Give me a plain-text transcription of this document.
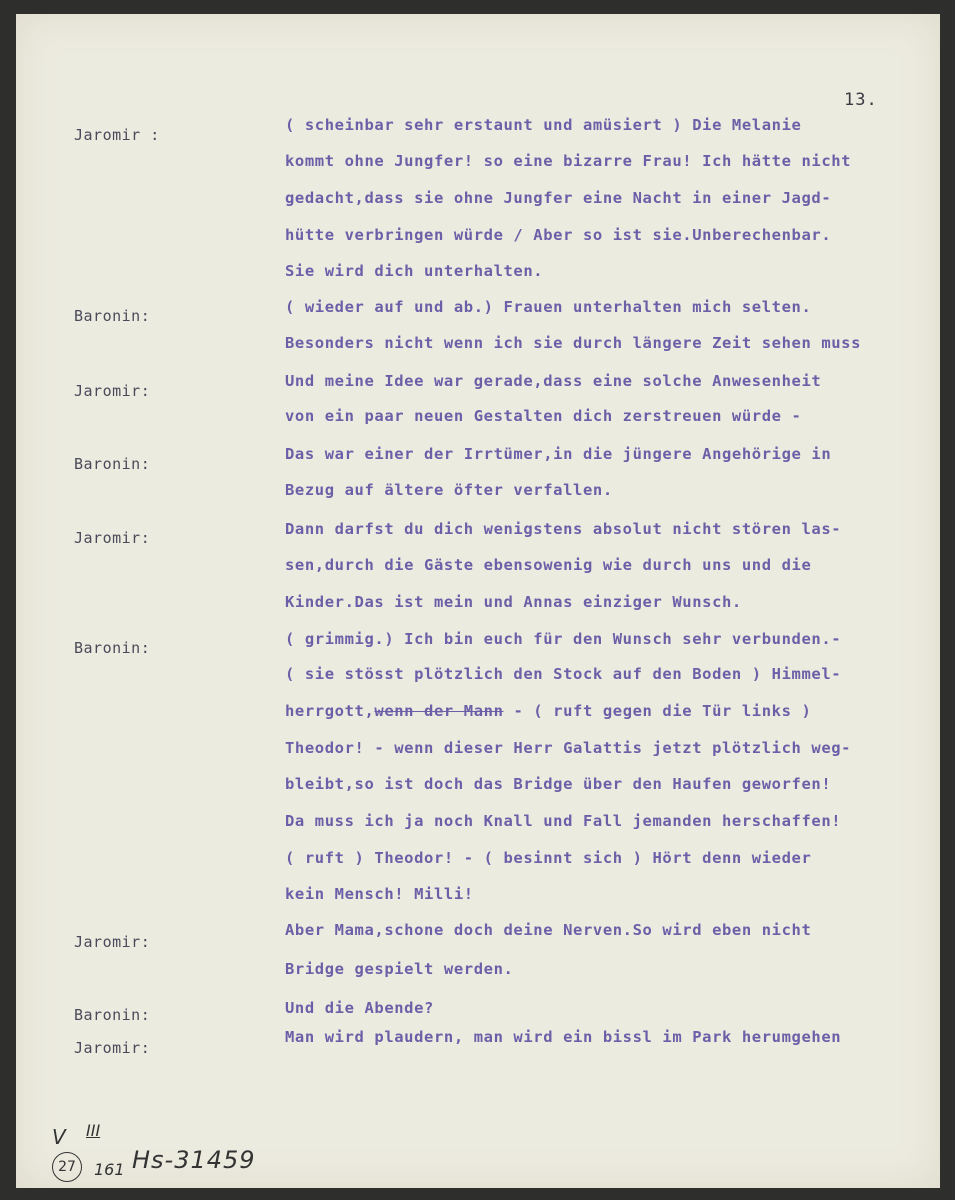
13.
Jaromir :
( scheinbar sehr erstaunt und amüsiert ) Die Melanie
kommt ohne Jungfer! so eine bizarre Frau! Ich hätte nicht
gedacht,dass sie ohne Jungfer eine Nacht in einer Jagd-
hütte verbringen würde / Aber so ist sie.Unberechenbar.
Sie wird dich unterhalten.
Baronin:	( wieder auf und ab.) Frauen unterhalten mich selten.
Besonders nicht wenn ich sie durch längere Zeit sehen muss
Jaromir:
Und meine Idee war gerade,dass eine solche Anwesenheit
von ein paar neuen Gestalten dich zerstreuen würde -
Baronin:
Das war einer der Irrtümer,in die jüngere Angehörige in
Bezug auf ältere öfter verfallen.
Jaromir:	Dann darfst du dich wenigstens absolut nicht stören las-
sen,durch die Gäste ebensowenig wie durch uns und die
Kinder.Das ist mein und Annas einziger Wunsch.
Baronin:	( grimmig.) Ich bin euch für den Wunsch sehr verbunden.-
( sie stösst plötzlich den Stock auf den Boden ) Himmel-
herrgott,wenn der Mann - ( ruft gegen die Tür links )
Theodor! - wenn dieser Herr Galattis jetzt plötzlich weg-
bleibt,so ist doch das Bridge über den Haufen geworfen!
Da muss ich ja noch Knall und Fall jemanden herschaffen!
( ruft ) Theodor! - ( besinnt sich ) Hört denn wieder
kein Mensch! Milli!
Jaromir:
Aber Mama,schone doch deine Nerven.So wird eben nicht
Bridge gespielt werden.
Baronin:	Und die Abende?
Jaromir:
Man wird plaudern, man wird ein bissl im Park herumgehen
V III
27	161 Hs-31459
